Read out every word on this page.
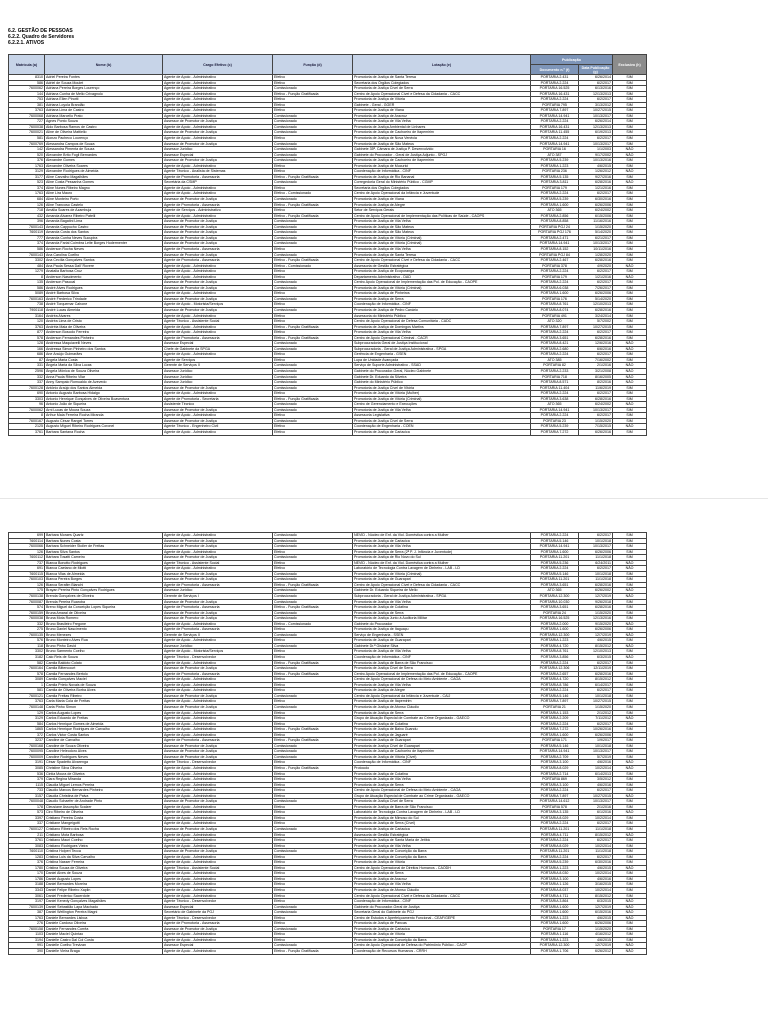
6.2. GESTÃO DE PESSOAS
6.2.2. Quadro de Servidores
6.2.2.1. ATIVOS
Matrícula (a)	Nome (b)	Cargo Efetivo (c)	Função (d)	Lotação (e)	Publicação		Exclusivo (h)
					Documento n.º (f)	Data Publicação (g)	
8310	Adriel Pereira Fontes	Agente de Apoio - Administrativo	Efetivo	Promotoria de Justiça de Santa Teresa	PORTARIA 2.431	6/26/2014	SIM
586	Adriel de Souza Moulet	Agente de Apoio - Administrativo	Efetivo	Secretaria dos Órgãos Colegiados	PORTARIA 2.224	6/2/2017	SIM
7600062	Adriana Pereira Borges Lourenço	Agente de Apoio - Administrativo	Comissionado	Promotoria de Justiça Cível de Serra	PORTARIA 16.525	6/13/2016	SIM
144	Adriana Cunha de Mello Crivagnolo	Agente de Apoio - Administrativo	Efetivo - Função Gratificada	Centro de Apoio Operacional Cível e Defesa da Cidadania - CACC	PORTARIA 16.431	12/13/2013	SIM
753	Adriana Ellen Pinotti	Agente de Apoio - Administrativo	Efetivo	Promotoria de Justiça de Vitória	PORTARIA 2.224	6/2/2017	SIM
381	Adriana Loyola Brandão	Agente de Apoio - Administrativo	Efetivo	Gabinete - Geral - GGER	PORTARIA 795	3/13/2012	SIM
3763	Adriana Lima de Castro	Agente de Apoio - Administrativo	Efetivo	Promotoria de Justiça de Viana	PORTARIA 7.897	10/27/2015	SIM
7600068	Adriana Marcello Prato	Agente de Apoio - Administrativo	Comissionado	Promotoria de Justiça de Aracruz	PORTARIA 14.941	10/13/2017	SIM
727	Agnes Ponto Souza	Assessor de Promotor de Justiça	Comissionado	Promotoria de Justiça de Vila Velha	PORTARIA 2.224	6/26/2014	SIM
7600038	Aldo Barbosa Ramos de Castro	Agente de Apoio - Administrativo	Comissionado	Promotoria de Justiça Ambiental de Linhares	PORTARIA 16.431	12/13/2013	SIM
7600021	Aline de Oliveira Mattiello	Assessor de Promotor de Justiça	Comissionado	Promotoria de Justiça de Cachoeiro de Itapemirim	PORTARIA 11.455	6/19/2013	SIM
581	Alonzo Pacheco Lourenço	Agente de Apoio - Administrativo	Efetivo	Promotoria de Justiça de Nova Venécia	PORTARIA 2.224	6/2/2017	SIM
7600769	Alessandra Campos de Souza	Assessor de Promotor de Justiça	Comissionado	Promotoria de Justiça de São Mateus	PORTARIA 14.941	10/13/2017	SIM
142	Alessandra Pimenta de Souza	Assessor Jurídico	Comissionado	Gabinete 35ª. Câmara de Justiça P. Desenvolvido	PORTARIA 16	1/1/2003	NÃO
520	Alexandre Brito Fogli Bernardes	Assessor Especial	Comissionado	Gabinete do Procurador - Geral de Justiça Adjunto - SPGJ	ATO 387	9/17/2002	NÃO
376	Alexandre Gomes	Assessor de Promotor de Justiça	Comissionado	Promotoria de Justiça de Cachoeiro de Itapemirim	PORTARIA 5.239	10/13/2016	SIM
1763	Alexandre Oliveira Soares	Agente de Apoio - Administrativo	Efetivo	Promotoria de Justiça de Mucurici	PORTARIA 1.223	4/6/2015	SIM
3129	Alexandre Rodrigues de Almeida	Agente Técnico - Analista de Sistemas	Efetivo	Coordenação de Informática - CINF	PORTARIA 236	1/26/2012	NÃO
3177	Aline Carvalho Magalhães	Agente de Promotoria - Assessoria	Efetivo - Função Gratificada	Promotoria de Justiça de Rio Bananal	PORTARIA 5.135	9/27/2016	SIM
523	Aline Costa Pessanha Gomes	Secretária da CSMP	Comissionado	Corregedoria Geral do Ministério Público - CGMP	PORTARIA 3.811	6/28/2016	NÃO
374	Aline Nunes Ribeiro Magno	Agente de Apoio - Administrativo	Efetivo	Secretaria dos Órgãos Colegiados	PORTARIA 179	1/21/2016	SIM
1763	Aline Lira Mauro	Agente de Apoio - Administrativo	Efetivo - Comissionado	Centro de Apoio Operacional da Infância e Juventude	PORTARIA 2.224	6/2/2017	SIM
684	Aline Monteiro Porto	Assessor de Promotor de Justiça	Comissionado	Promotoria de Justiça de Viana	PORTARIA 5.239	6/30/2016	SIM
126	Aline Trancoso Castelo	Agente de Promotoria - Assessoria	Efetivo - Função Gratificada	Promotoria de Justiça de Alegre	PORTARIA 1.600	6/26/2006	SIM
718	Amália Soares de Azambuja	Agente de Serviços - Administrativo	Efetivo	Setor de Serviços Gerais	ATO 365	6/24/2002	SIM
432	Amanda Alvarez Ribeiro Patelli	Agente de Apoio - Administrativo	Efetivo - Função Gratificada	Centro de Apoio Operacional de Implementação das Políticas de Saúde - CAOPS	PORTARIA 2.856	6/15/2006	SIM
396	Amanda Bagatini Lima	Assessor de Promotor de Justiça	Comissionado	Promotoria de Justiça de Vila Velha	PORTARIA 8.858	11/16/2016	SIM
7600143	Amanda Cappucho Castro	Assessor de Promotor de Justiça	Comissionado	Promotoria de Justiça de São Mateus	PORTARIA PGJ 24	1/15/2020	SIM
7600119	Amanda Costa dos Santos	Assessor de Promotor de Justiça	Comissionado	Promotoria de Justiça de São Mateus	PORTARIA PGJ 176	5/14/2020	SIM
777	Amanda Cunha Neves Sucupira	Assessor de Promotor de Justiça	Comissionado	Promotoria de Justiça de Vitória (Criminal)	PORTARIA 2.471	6/21/2017	SIM
374	Amanda Farial Coimbra Leite Borges Hodermenter	Assessor de Promotor de Justiça	Comissionado	Promotoria de Justiça de Vitória (Criminal)	PORTARIA 14.941	10/13/2017	SIM
586	Anderson Rocha Neves	Agente de Promotoria - Assessoria	Efetivo	Promotoria de Justiça de Vila Velha	PORTARIA 8.152	10/11/2016	SIM
7600143	Ana Carolina Coelho	Assessor de Promotor de Justiça	Comissionado	Promotoria de Justiça de Santa Teresa	PORTARIA PGJ 84	1/28/2020	SIM
3302	Ana Cecília Gonçalves Santos	Agente de Promotoria - Assessoria	Efetivo - Função Gratificada	Centro de Apoio Operacional Cível e Defesa da Cidadania - CACC	PORTARIA 2.467	6/28/2016	SIM
484	Ana Paula Sessa Dall' Rovere	Agente de Apoio - Administrativo	Efetivo - Comissionado	Assessoria de Gestão Estratégica	PORTARIA 378	4/9/2020	NÃO
1279	Anatalia Barbosa Cruz	Agente de Apoio - Administrativo	Efetivo	Promotoria de Justiça de Ecoporanga	PORTARIA 2.224	6/2/2017	SIM
8	Anderson Nascimento	Agente de Apoio - Administrativo	Efetivo	Departamento Administrativo - DAD	PORTARIA 179	1/21/2016	NÃO
135	Anderson Pascoal	Assessor de Promotor de Justiça	Comissionado	Centro Apoio Operacional de Implementação das Pol. de Educação - CAOPE	PORTARIA 2.224	6/2/2017	SIM
586	André Alves Rodrigues	Assessor de Promotor de Justiça	Comissionado	Promotoria de Justiça de Vitória (Criminal)	PORTARIA 6.038	7/26/2017	SIM
5089	André Barbosa Silva	Agente de Apoio - Administrativo	Efetivo	Promotoria de Justiça de Pinheiros	PORTARIA 1.600	6/26/2006	SIM
7600163	André Frederico Trindade	Assessor de Promotor de Justiça	Comissionado	Promotoria de Justiça de Serra	PORTARIA 176	5/14/2020	SIM
738	André Torquemar Cahone	Agente de Apoio - Motorista/Serviços	Efetivo	Coordenação de Informática - CINF	PORTARIA 8.761	12/10/2013	SIM
7900118	André Lucas Almeida	Assessor de Promotor de Justiça	Comissionado	Promotoria de Justiça de Pedro Canário	PORTARIA 8.074	6/28/2016	SIM
3164	Andréa Alvares	Agente de Apoio - Administrativo	Efetivo	Assessoria do Ministério Público	PORTARIA 491	3/24/2014	SIM
120	Andréa Lima de Cristo	Agente Técnico - Assistente Social	Efetivo	Centro de Apoio Operacional de Defesa Comunitária - CADC	ATO 320	5/7/2002	SIM
3763	Andréia Maia de Oliveira	Agente de Apoio - Administrativo	Efetivo - Função Gratificada	Promotoria de Justiça de Domingos Martins	PORTARIA 7.897	10/27/2015	SIM
877	Anderson Boscolo Ferreira	Agente de Apoio - Administrativo	Efetivo	Promotoria de Justiça de Vila Velha	PORTARIA 2.224	6/2/2017	SIM
578	Anderson Fernandes Pinheiro	Agente de Promotoria - Assessoria	Efetivo - Função Gratificada	Centro de Apoio Operacional Criminal - CACR	PORTARIA 3.651	6/28/2016	SIM
128	Andressa Maquiavelli Neves	Assessor Especial	Comissionado	Subprocuradoria Geral de Justiça Institucional	PORTARIA 8.421	12/6/2016	NÃO
166	Andressa Simon Pinheiro dos Santos	Chefe de Gabinete da SPGA	Comissionado	Subprocuradoria - Geral de Justiça Administrativa - SPGA	PORTARIA 2.680	6/6/2016	NÃO
686	Ane Araújo Guimarães	Agente de Apoio - Administrativo	Efetivo	Gerência de Engenharia - GSEN	PORTARIA 2.224	6/2/2017	SIM
87	Angela Maria Costa	Agente de Serviços	Efetivo	Lupa de Unidade Avançada	ATO 385	7/16/2002	SIM
331	Ângela Maria da Silva Lucas	Gerente de Serviços II	Comissionado	Serviço de Suporte Administrativo - SSAD	PORTARIA 82	2/1/2016	NÃO
2596	Ângela Mônica de Souza Oliveira	Assessor Jurídico	Comissionado	Gabinete do Procurador-Geral, Núcleo Gabinete	PORTARIA 2.233	3/21/2008	NÃO
332	Anna Paula Ribeiro Vilar	Assessor Jurídico	Comissionado	Gabinete Dr. Eduardo da Silveira	PORTARIA 718	8/16/2005	NÃO
337	Anny Sampaio Romualdo de Azevedo	Assessor Jurídico	Comissionado	Gabinete do Ministério Público	PORTARIA 8.571	8/2/2016	NÃO
7600128	Antônio Araújo dos Santos Almeida	Assessor de Promotor de Justiça	Comissionado	Promotoria de Justiça Cível de Vitória	PORTARIA 11.404	11/6/2019	SIM
690	Antonio Augusto Barbosa Hidalgo	Agente de Apoio - Administrativo	Efetivo	Promotoria de Justiça de Vitória (Mulher)	PORTARIA 2.224	6/2/2017	SIM
3303	Antonio Henrique Gonçalves de Oliveira Boaventura	Agente de Promotoria - Secretaria	Efetivo - Função Gratificada	Promotoria de Justiça de Vitória (Criminal)	PORTARIA 3.638	6/28/2016	SIM
96	Antonio João de Siqueira	Assistente Técnico	Comissionado	Centro de Gerenciamento e Execuções	ATO 365	6/24/2002	NÃO
7600062	Arni Lucas de Moura Souza	Assessor de Promotor de Justiça	Comissionado	Promotoria de Justiça de Vila Velha	PORTARIA 14.941	10/13/2017	SIM
8	Arthur Maia Ferreira Rocha Miranda	Agente de Apoio - Administrativo	Efetivo	Assessoria Legislativa	PORTARIA 2.224	6/2/2017	SIM
7600167	Augusto César Rangel Torres	Assessor de Promotor de Justiça	Comissionado	Promotoria de Justiça Cível de Serra	PORTARIA 23	1/15/2020	SIM
2125	Augusto Miguel Ribeiro Rodrigues Coronel	Agente Técnico - Engenheiro Civil	Efetivo	Coordenação de Engenharia - COEN	PORTARIA 5.239	7/15/2015	NÃO
3761	Barbara Santana Rocha	Agente de Apoio - Administrativo	Efetivo	Promotoria de Justiça de Cariacica	PORTARIA 7.272	6/26/2016	SIM
699	Barbara Moraes Quartz	Agente de Apoio - Administrativo	Comissionado	NEVID - Núcleo de Enf. da Viol. Doméstica contra a Mulher	PORTARIA 2.224	6/2/2017	SIM
7600114	Barbara Nunes Costa	Assessor de Promotor de Justiça	Comissionado	Promotoria de Justiça de Cariacica	PORTARIA 5.146	10/1/2018	SIM
7600066	Barbara Schneider Stoller de Freitas	Assessor de Promotor de Justiça	Comissionado	Promotoria de Justiça de Vila Velha	PORTARIA 14.941	10/13/2017	SIM
126	Barbara Silva Santos	Agente de Apoio - Administrativo	Efetivo	Promotoria de Justiça de Serra (2ª P. J. Infância e Juventude)	PORTARIA 1.600	6/26/2006	SIM
7600112	Bárbara Tosatti Carneiro	Assessor de Promotor de Justiça	Comissionado	Promotoria de Justiça de Rio Novo do Sul	PORTARIA 11.201	11/1/2018	SIM
737	Bianca Bonotto Rodrigues	Agente Técnico - Assistente Social	Efetivo	NEVID - Núcleo de Enf. da Viol. Doméstica contra a Mulher	PORTARIA 5.236	6/24/2011	NÃO
691	Bianca Caetano de Miotti	Agente de Apoio - Administrativo	Efetivo	Laboratório de Tecnologia Contra Lavagem de Dinheiro - LAB - LD	PORTARIA 2.224	6/2/2017	NÃO
7600115	Bianca Vilas de Almeida	Assessor de Promotor de Justiça	Comissionado	Promotoria de Justiça de Vitória (Criminal)	PORTARIA 5.146	10/1/2018	SIM
7600103	Bianca Pereira Borges	Assessor de Promotor de Justiça	Comissionado	Promotoria de Justiça de Guarapari	PORTARIA 11.201	11/1/2018	SIM
126	Bianca Serafim Bianchi	Agente de Promotoria - Assessoria	Efetivo - Função Gratificada	Centro de Apoio Operacional Cível e Defesa da Cidadania - CACC	PORTARIA 3.651	6/28/2016	SIM
175	Brayan Pereira Pinto Gonçalves Rodrigues	Assessor Jurídico	Comissionado	Gabinete Dr. Eduardo Siqueira de Mello	ATO 365	6/26/2002	NÃO
7600138	Brenda Gonçalves de Oliveira	Gerente de Serviços I	Comissionado	Subprocuradoria - Geral de Justiça Administrativa - SPGA	PORTARIA 12.300	12/7/2019	NÃO
7600087	Brenda Pereira Ruaroba	Assessor de Promotor de Justiça	Comissionado	Promotoria de Justiça de Vila Velha	PORTARIA 10.030	9/26/2018	SIM
574	Breno Miguel da Conceição Lopes Siqueira	Agente de Promotoria - Assessoria	Efetivo - Função Gratificada	Promotoria de Justiça de Colatina	PORTARIA 3.651	6/28/2016	SIM
7600159	Bruna Amaral de Oliveira	Assessor de Promotor de Justiça	Comissionado	Promotoria de Justiça de Serra	PORTARIA 24	1/15/2020	SIM
7600038	Bruna Mota Romero	Assessor de Promotor de Justiça	Comissionado	Promotoria de Justiça Junto à Auditoria Militar	PORTARIA 16.525	12/13/2016	SIM
332	Bruno Brasileiro Fregone	Agente de Apoio - Administrativo	Efetivo - Comissionado	Gabinete do Procurador	PORTARIA 2.000	9/15/2020	NÃO
275	Bruno Daniel Nascimento	Agente de Promotoria - Assessoria	Efetivo	Promotoria de Justiça de Itaguaçu	PORTARIA 1.600	6/26/2006	SIM
7600135	Bruno Menezes	Gerente de Serviços II	Comissionado	Serviço de Engenharia - SSEN	PORTARIA 12.300	12/7/2019	NÃO
576	Bruno Monteiro Alves Rua	Agente de Apoio - Administrativo	Efetivo	Promotoria de Justiça de Guarapari	PORTARIA 1.223	4/6/2015	SIM
118	Bruno Pinho David	Assessor Jurídico	Comissionado	Gabinete Dr.ª Gislaine Silva	PORTARIA 4.720	8/15/2012	NÃO
3302	Bruno Sarmento Coelho	Agente de Apoio - Motorista/Serviços	Efetivo	Promotoria de Justiça de Vila Velha	PORTARIA 8.761	12/10/2013	SIM
3182	Caio Reis de Souza	Agente Técnico - Desenvolvedor	Efetivo	Coordenação de Informática - CINF	PORTARIA 3.856	6/3/2015	NÃO
582	Camila Baldoto Colato	Agente de Apoio - Administrativo	Efetivo - Função Gratificada	Promotoria de Justiça de Barra de São Francisco	PORTARIA 2.224	6/2/2017	SIM
7600164	Camila Bittencourt	Assessor de Promotor de Justiça	Comissionado	Promotoria de Justiça Cível de Serra	PORTARIA 12.306	12/11/2019	SIM
578	Camila Fernandes Bertolo	Agente de Promotoria - Assessoria	Efetivo - Função Gratificada	Centro Apoio Operacional de Implementação das Pol. de Educação - CAOPE	PORTARIA 2.657	6/28/2016	SIM
3089	Camila Gonçalves Maciel	Agente de Apoio - Administrativo	Efetivo	Centro de Apoio Operacional de Defesa do Meio Ambiente - CAOA	PORTARIA 4.720	8/15/2012	SIM
1	Camila Prieto Novais de Souza	Agente de Apoio - Administrativo	Efetivo	Promotoria de Justiça de Vila Velha	PORTARIA 8.786	6/14/2017	SIM
581	Camila de Oliveira Borba Alves	Agente de Apoio - Administrativo	Efetivo	Promotoria de Justiça de Alegre	PORTARIA 2.224	6/2/2017	SIM
7600121	Camila Freitas Ribeiro	Assessor de Promotor de Justiça	Comissionado	Centro de Apoio Operacional da Infância e Juventude - CAIJ	PORTARIA 5.146	10/1/2018	SIM
3763	Carla Maria Cola de Freitas	Agente de Apoio - Administrativo	Efetivo	Promotoria de Justiça de Itapemirim	PORTARIA 7.897	10/27/2015	SIM
7600148	Carla Pinho Simon	Assessor de Promotor de Justiça	Comissionado	Promotoria de Justiça de Afonso Cláudio	PORTARIA 21	1/15/2020	SIM
129	Carlos Augusto Lopes	Agente de Apoio - Administrativo	Efetivo	Promotoria de Justiça de Serra	PORTARIA 1.153	2/1/2012	SIM
3129	Carlos Eduardo de Freitas	Agente de Apoio - Administrativo	Efetivo	Grupo de Atuação Especial de Combate ao Crime Organizado - GAECO	PORTARIA 2.209	7/11/2012	NÃO
584	Carlos Henrique Gomes de Almeida	Agente de Apoio - Administrativo	Efetivo	Promotoria de Justiça de Colatina	PORTARIA 2.224	6/2/2017	SIM
1865	Carlos Henrique Rodrigues de Carvalho	Agente de Apoio - Administrativo	Efetivo - Função Gratificada	Promotoria de Justiça de Baixo Guandu	PORTARIA 7.272	10/26/2016	SIM
372	Carlos Victor Costa Santos	Agente de Apoio - Administrativo	Efetivo	Promotoria de Justiça de Jaguaré	PORTARIA 1.600	6/26/2006	SIM
3237	Caroline de Carvalho	Agente de Promotoria - Assessoria	Efetivo - Função Gratificada	Promotoria de Justiça de Guarapari	PORTARIA 171	1/9/2017	SIM
7600168	Caroline de Souza Oliveira	Assessor de Promotor de Justiça	Comissionado	Promotoria de Justiça Cível de Guarapari	PORTARIA 5.146	10/1/2018	SIM
7600095	Caroline Heleodoro Alves	Assessor de Promotor de Justiça	Comissionado	Promotoria de Justiça de Cachoeiro de Itapemirim	PORTARIA 14.941	10/13/2017	SIM
7600009	Caroline Rodrigues Neves	Assessor de Promotor de Justiça	Comissionado	Promotoria de Justiça de Vitória (Cível)	PORTARIA 2.709	5/7/2019	SIM
3191	César Spadetto Alvarenga	Agente Técnico - Desenvolvedor	Efetivo	Coordenação de Informática - CINF	PORTARIA 3.100	4/6/2016	NÃO
3085	Christine Silva Oliveira	Agente de Apoio - Administrativo	Efetivo - Função Gratificada	Protocolo	PORTARIA 8.029	10/2/2014	NÃO
536	Cintia Moura de Oliveira	Agente de Apoio - Administrativo	Efetivo	Promotoria de Justiça de Colatina	PORTARIA 2.714	6/14/2013	SIM
379	Clara Regina Miranda	Agente de Apoio - Administrativo	Efetivo	Promotoria de Justiça de Vila Velha	PORTARIA 869	3/5/2012	SIM
1115	Claudia Miguel Lemos Pereira	Agente de Apoio - Administrativo	Efetivo	Promotoria de Justiça de Serra	PORTARIA 3.100	4/6/2016	SIM
733	Claudio Marcos Bernardes Pinheiro	Agente de Apoio - Administrativo	Efetivo	Centro de Apoio Operacional de Defesa do Meio Ambiente - CAOA	PORTARIA 2.224	6/2/2017	SIM
3157	Claudia Christina de Paiva	Agente de Apoio - Administrativo	Efetivo	Grupo de Atuação Especial de Combate ao Crime Organizado - GAECO	PORTARIA 7.897	10/27/2015	NÃO
7600048	Claudio Schaefer de Andrade Pinto	Assessor de Promotor de Justiça	Comissionado	Promotoria de Justiça Cível de Serra	PORTARIA 14.612	10/13/2017	SIM
178	Cleusiane Assunção Scalzer	Agente de Apoio - Administrativo	Efetivo	Promotoria de Justiça de Barra de São Francisco	PORTARIA 578	2/1/2016	SIM
573	Ciro Ribeiro de Oliveira	Agente de Apoio - Administrativo	Efetivo	Laboratório de Tecnologia Contra Lavagem de Dinheiro - LAB - LD	PORTARIA 3.135	6/1/2016	NÃO
3397	Cristiano Pereira Costa	Agente de Apoio - Administrativo	Efetivo	Promotoria de Justiça de Mimoso do Sul	PORTARIA 8.029	10/2/2014	SIM
337	Cristiane Mangeigotti	Agente de Apoio - Administrativo	Efetivo	Promotoria de Justiça de Serra (Cível)	PORTARIA 2.224	6/2/2017	SIM
7600127	Cristiano Ribeiro dos Reis Rocha	Assessor de Promotor de Justiça	Comissionado	Promotoria de Justiça de Cariacica	PORTARIA 11.201	11/1/2018	SIM
211	Cristiano Mota Barbosa	Agente de Apoio - Administrativo	Efetivo	Assessoria de Gestão Estratégica	PORTARIA 4.711	8/15/2012	NÃO
3761	Cristiano Mauri Coelho	Agente de Apoio - Administrativo	Efetivo	Promotoria de Justiça de Santa Maria de Jetibá	PORTARIA 2.224	6/2/2017	SIM
3083	Cristiano Rodrigues Vieira	Agente de Apoio - Administrativo	Efetivo	Promotoria de Justiça de Vila Velha	PORTARIA 8.029	10/2/2014	SIM
7600110	Cristina Holperi Tecca	Assessor de Promotor de Justiça	Comissionado	Promotoria de Justiça de Conceição da Barra	PORTARIA 11.201	11/1/2018	SIM
1283	Cristina Luis da Silva Carvalho	Agente de Apoio - Administrativo	Efetivo	Promotoria de Justiça de Conceição da Barra	PORTARIA 2.224	6/2/2017	SIM
376	Cristina Nasser Ferreira	Agente de Apoio - Administrativo	Efetivo	Promotoria de Justiça de Vitória	PORTARIA 5.239	6/30/2016	SIM
1780	Cristina Souza de Oliveira	Agente Técnico - Assistente Social	Efetivo	Centro de Apoio Operacional de Direitos Humanos - CAODH	PORTARIA 1.223	4/6/2015	NÃO
170	Daniel Alves de Souza	Agente de Apoio - Administrativo	Efetivo	Promotoria de Justiça de Serra	PORTARIA 8.030	10/2/2014	SIM
1786	Daniel Augusto Lopes	Agente de Apoio - Administrativo	Efetivo	Promotoria de Justiça de Aracruz	PORTARIA 3.100	4/6/2016	SIM
3188	Daniel Bernardes Moreira	Agente de Apoio - Administrativo	Efetivo	Promotoria de Justiça de Vila Velha	PORTARIA 1.126	3/16/2015	SIM
3343	Daniel Felipe Ribeiro Xaplin	Agente de Apoio - Administrativo	Efetivo	Promotoria de Justiça de Afonso Cláudio	PORTARIA 8.037	10/2/2014	SIM
3061	Daniel Frederico Sacerdote	Agente de Apoio - Administrativo	Efetivo	Centro de Apoio Operacional Cível e Defesa da Cidadania - CACC	PORTARIA 4.711	8/15/2012	SIM
3197	Daniel Kenedy Gonçalves Magalhães	Agente Técnico - Desenvolvedor	Efetivo	Coordenação de Informática - CINF	PORTARIA 3.864	6/3/2015	NÃO
7600139	Daniel Sebastião Lapa Machado	Assessor Especial	Comissionado	Gabinete do Procurador-Geral de Justiça	PORTARIA 1.600	12/7/2019	NÃO
387	Daniel Wellington Pereira Magni	Secretário de Gabinete da PGJ	Comissionado	Secretaria Geral do Gabinete do PGJ	PORTARIA 1.600	6/15/2016	NÃO
1763	Daniele Bernardes Lisboa	Agente Técnico - Desenvolvedor	Efetivo	Centro de Estudos e Aperfeiçoamento Funcional - CEAF/GEPE	PORTARIA 1.223	4/6/2015	NÃO
276	Daniele Cardoso Oliveira	Agente de Promotoria - Assessoria	Efetivo	Promotoria de Justiça de Pancas	PORTARIA 1.600	6/26/2006	SIM
7600158	Daniele Fernandes Corrêa	Assessor de Promotor de Justiça	Comissionado	Promotoria de Justiça de Cariacica	PORTARIA 17	1/15/2020	SIM
1103	Daniele Maciel Quintao	Agente de Apoio - Administrativo	Efetivo	Promotoria de Justiça de Vitória	PORTARIA 1.116	4/16/2012	SIM
3194	Danielle Castro Dal Col Costa	Agente de Apoio - Administrativo	Efetivo	Promotoria de Justiça de Conceição da Barra	PORTARIA 1.223	4/6/2015	SIM
991	Danielle Coelho Trevizan	Assessor Especial	Comissionado	Centro de Apoio Operacional de Defesa do Patrimônio Público - CAOP	PORTARIA 12.300	12/7/2019	NÃO
390	Danielle Vieira Braga	Agente de Apoio - Administrativo	Efetivo - Função Gratificada	Coordenação de Recursos Humanos - CRRH	PORTARIA 1.706	6/26/2012	NÃO
